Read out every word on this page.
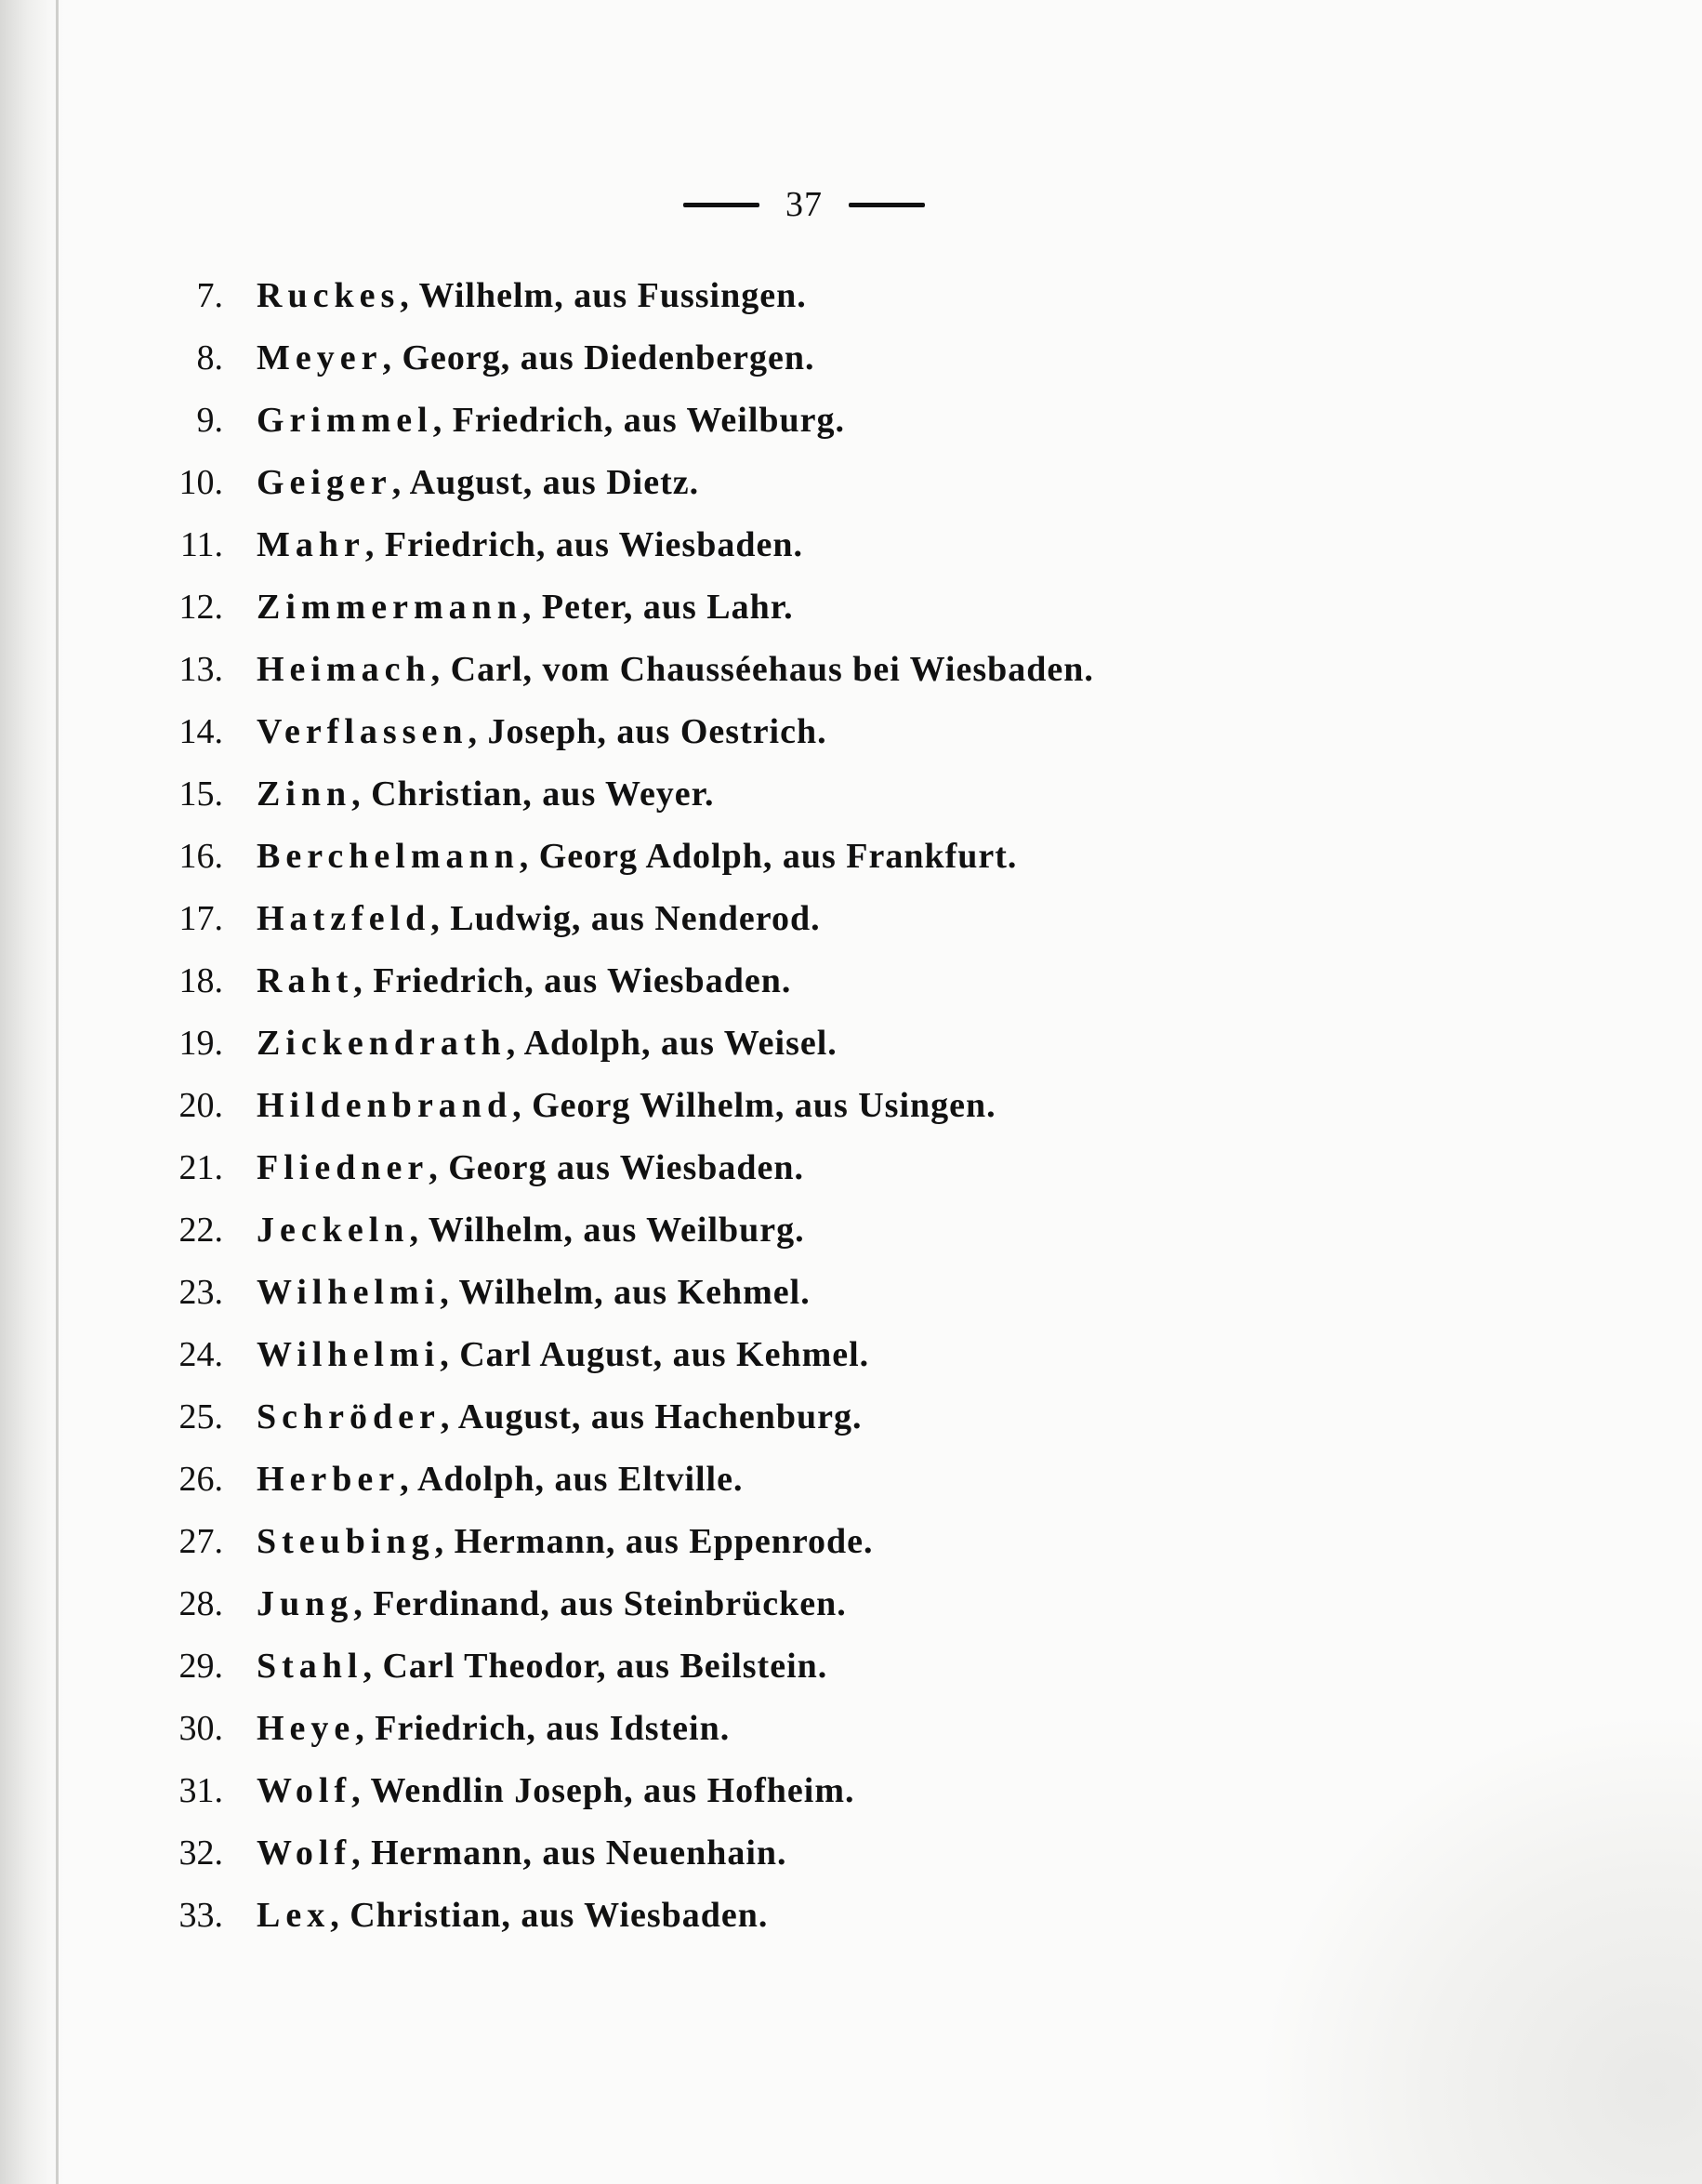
37
7. Ruckes , Wilhelm, aus Fussingen.
8. Meyer , Georg, aus Diedenbergen.
9. Grimmel , Friedrich, aus Weilburg.
10. Geiger , August, aus Dietz.
11. Mahr , Friedrich, aus Wiesbaden.
12. Zimmermann , Peter, aus Lahr.
13. Heimach , Carl, vom Chausséehaus bei Wiesbaden.
14. Verflassen , Joseph, aus Oestrich.
15. Zinn , Christian, aus Weyer.
16. Berchelmann , Georg Adolph, aus Frankfurt.
17. Hatzfeld , Ludwig, aus Nenderod.
18. Raht , Friedrich, aus Wiesbaden.
19. Zickendrath , Adolph, aus Weisel.
20. Hildenbrand , Georg Wilhelm, aus Usingen.
21. Fliedner , Georg aus Wiesbaden.
22. Jeckeln , Wilhelm, aus Weilburg.
23. Wilhelmi , Wilhelm, aus Kehmel.
24. Wilhelmi , Carl August, aus Kehmel.
25. Schröder , August, aus Hachenburg.
26. Herber , Adolph, aus Eltville.
27. Steubing , Hermann, aus Eppenrode.
28. Jung , Ferdinand, aus Steinbrücken.
29. Stahl , Carl Theodor, aus Beilstein.
30. Heye , Friedrich, aus Idstein.
31. Wolf , Wendlin Joseph, aus Hofheim.
32. Wolf , Hermann, aus Neuenhain.
33. Lex , Christian, aus Wiesbaden.
